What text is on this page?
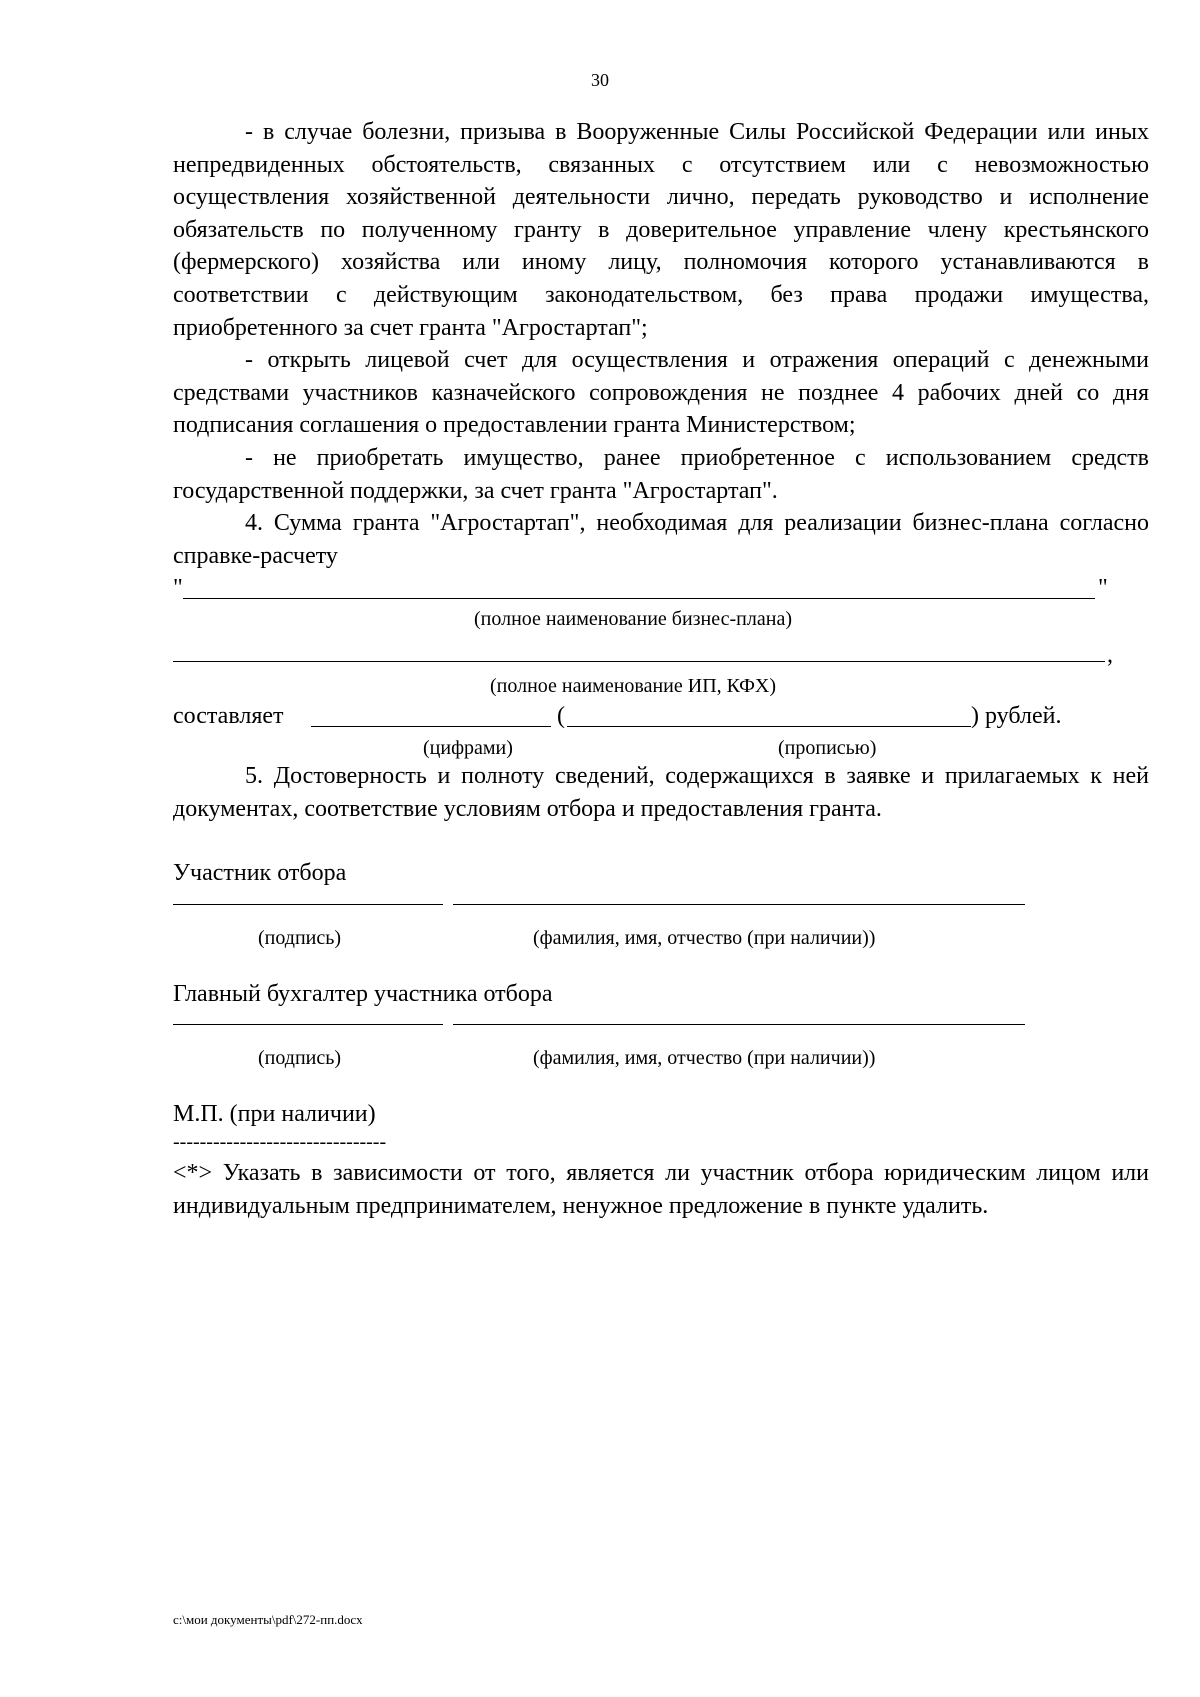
30

- в случае болезни, призыва в Вооруженные Силы Российской Федерации или иных непредвиденных обстоятельств, связанных с отсутствием или с невозможностью осуществления хозяйственной деятельности лично, передать руководство и исполнение обязательств по полученному гранту в доверительное управление члену крестьянского (фермерского) хозяйства или иному лицу, полномочия которого устанавливаются в соответствии с действующим законодательством, без права продажи имущества, приобретенного за счет гранта "Агростартап";

- открыть лицевой счет для осуществления и отражения операций с денежными средствами участников казначейского сопровождения не позднее 4 рабочих дней со дня подписания соглашения о предоставлении гранта Министерством;

- не приобретать имущество, ранее приобретенное с использованием средств государственной поддержки, за счет гранта "Агростартап".

4. Сумма гранта "Агростартап", необходимая для реализации бизнес-плана согласно справке-расчету

"	"
(полное наименование бизнес-плана)
,
(полное наименование ИП, КФХ)
составляет	(	) рублей.
(цифрами)	(прописью)

5. Достоверность и полноту сведений, содержащихся в заявке и прилагаемых к ней документах, соответствие условиям отбора и предоставления гранта.

Участник отбора
(подпись)	(фамилия, имя, отчество (при наличии))
Главный бухгалтер участника отбора
(подпись)	(фамилия, имя, отчество (при наличии))
М.П. (при наличии)
--------------------------------

<*> Указать в зависимости от того, является ли участник отбора юридическим лицом или индивидуальным предпринимателем, ненужное предложение в пункте удалить.

c:\мои документы\pdf\272-пп.docx
